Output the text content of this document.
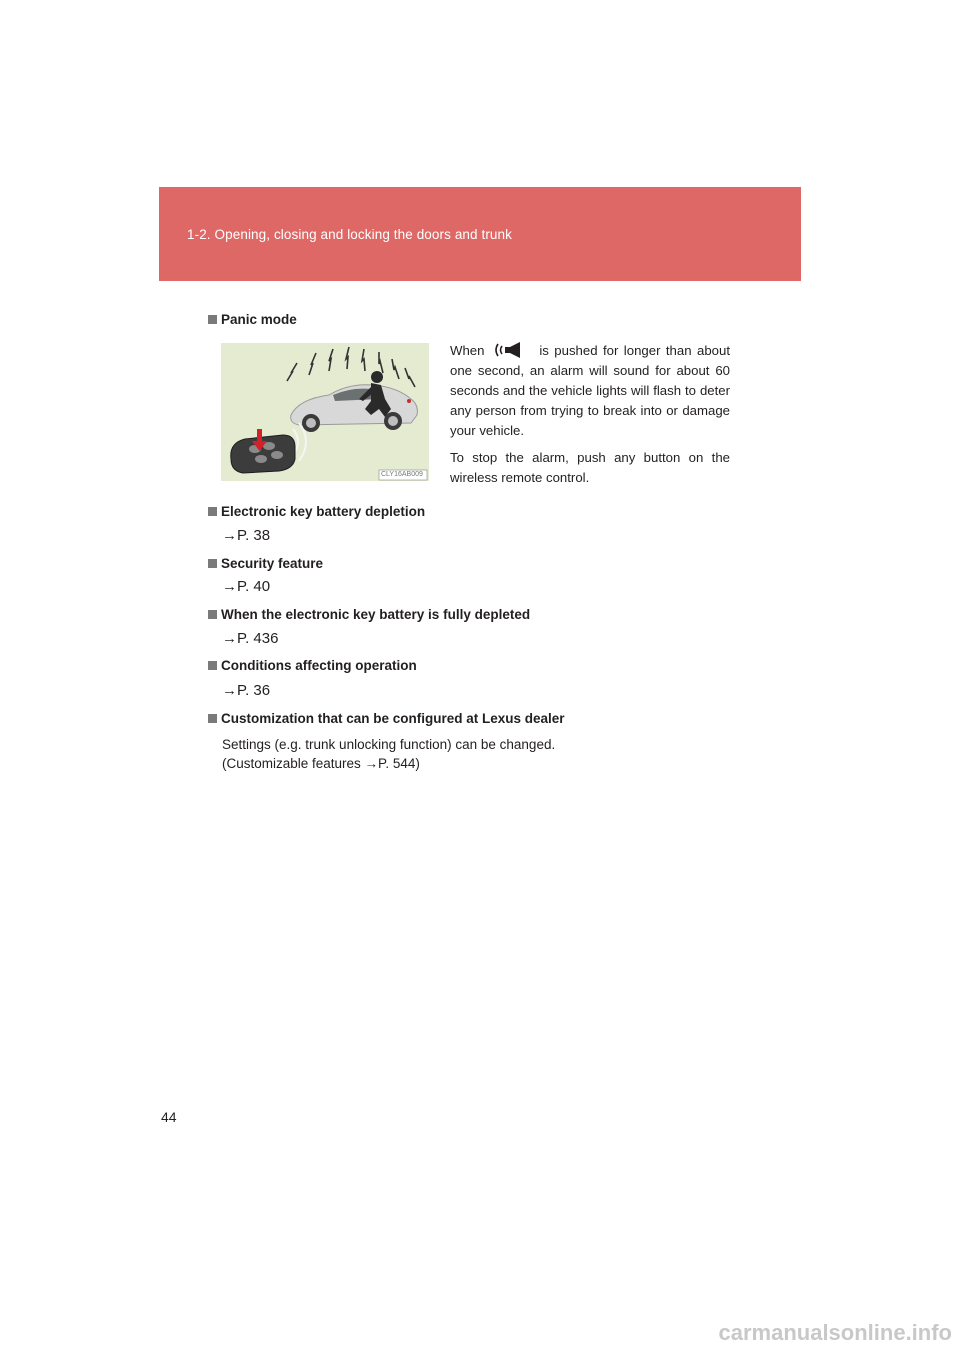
1-2. Opening, closing and locking the doors and trunk
Panic mode
CLY16AB009

When	is pushed for longer than about one second, an alarm will sound for about 60 seconds and the vehicle lights will flash to deter any person from trying to break into or damage your vehicle.

To stop the alarm, push any button on the wireless remote control.

Electronic key battery depletion
→P. 38
Security feature
→P. 40
When the electronic key battery is fully depleted
→P. 436
Conditions affecting operation
→P. 36
Customization that can be configured at Lexus dealer
Settings (e.g. trunk unlocking function) can be changed.
(Customizable features →P. 544)
44
carmanualsonline.info
